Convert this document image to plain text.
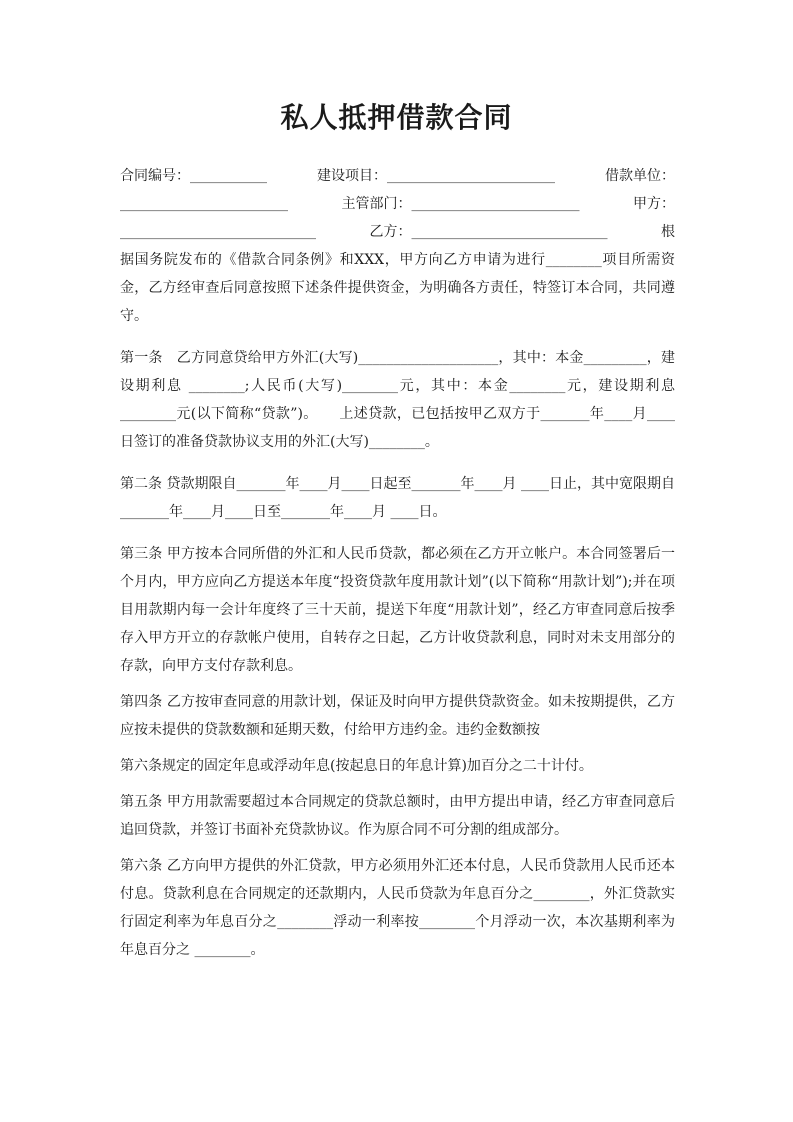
私人抵押借款合同
合同编号：___________	建设项目：________________________	借款单位：
________________________	主管部门：________________________	甲方：
____________________________	乙方：____________________________	根

据国务院发布的《借款合同条例》和XXX，甲方向乙方申请为进行________项目所需资金，乙方经审查后同意按照下述条件提供资金，为明确各方责任，特签订本合同，共同遵守。

第一条　乙方同意贷给甲方外汇(大写)____________________，其中：本金_________，建设期利息 ________;人民币(大写)________元，其中：本金________元，建设期利息________元(以下简称“贷款”)。　　上述贷款，已包括按甲乙双方于_______年____月____日签订的准备贷款协议支用的外汇(大写)________。

第二条 贷款期限自_______年____月____日起至_______年____月 ____日止，其中宽限期自_______年____月____日至_______年____月 ____日。

第三条 甲方按本合同所借的外汇和人民币贷款，都必须在乙方开立帐户。本合同签署后一个月内，甲方应向乙方提送本年度“投资贷款年度用款计划”(以下简称“用款计划”);并在项目用款期内每一会计年度终了三十天前，提送下年度“用款计划”，经乙方审查同意后按季存入甲方开立的存款帐户使用，自转存之日起，乙方计收贷款利息，同时对未支用部分的存款，向甲方支付存款利息。

第四条 乙方按审查同意的用款计划，保证及时向甲方提供贷款资金。如未按期提供，乙方应按未提供的贷款数额和延期天数，付给甲方违约金。违约金数额按

第六条规定的固定年息或浮动年息(按起息日的年息计算)加百分之二十计付。

第五条 甲方用款需要超过本合同规定的贷款总额时，由甲方提出申请，经乙方审查同意后追回贷款，并签订书面补充贷款协议。作为原合同不可分割的组成部分。

第六条 乙方向甲方提供的外汇贷款，甲方必须用外汇还本付息，人民币贷款用人民币还本付息。贷款利息在合同规定的还款期内，人民币贷款为年息百分之________，外汇贷款实行固定利率为年息百分之________浮动一利率按________个月浮动一次，本次基期利率为年息百分之 ________。
